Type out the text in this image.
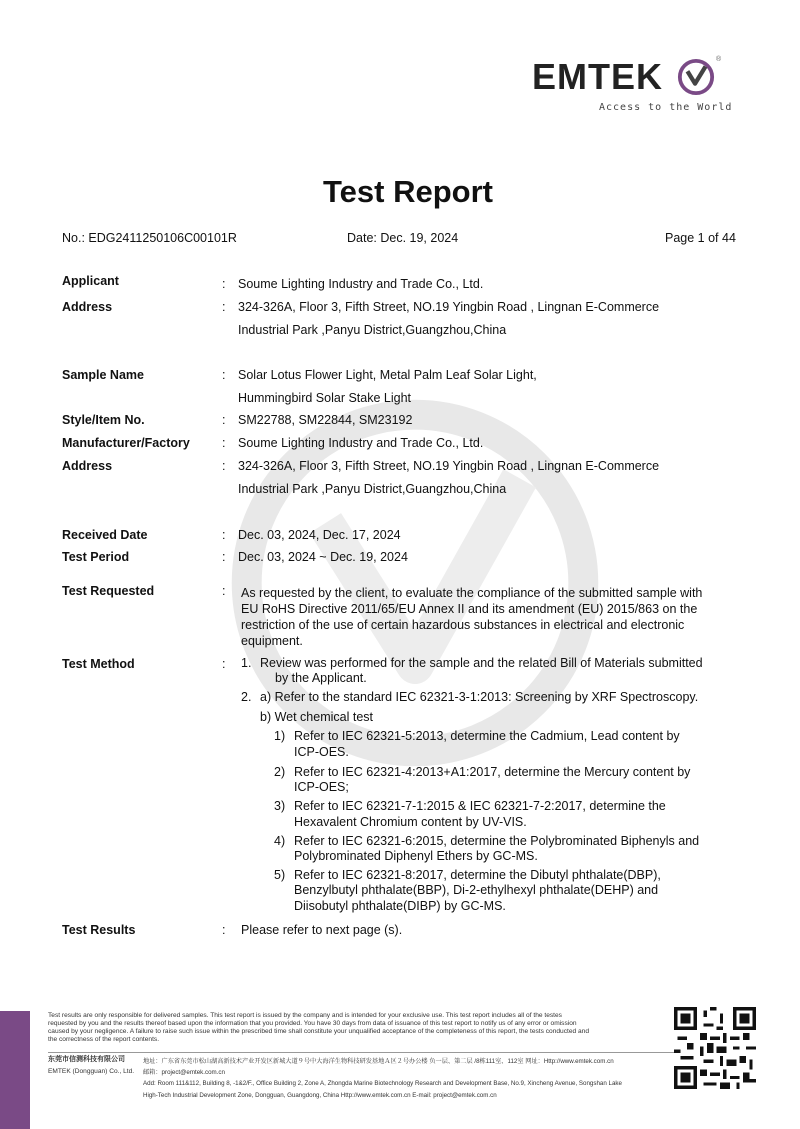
EMTEK	®
Access to the World
Test Report
No.: EDG2411250106C00101R	Date: Dec. 19, 2024	Page 1 of 44
Applicant	: Soume Lighting Industry and Trade Co., Ltd.
Address	: 324-326A, Floor 3, Fifth Street, NO.19 Yingbin Road , Lingnan E-Commerce
Industrial Park ,Panyu District,Guangzhou,China
Sample Name	: Solar Lotus Flower Light, Metal Palm Leaf Solar Light,
Hummingbird Solar Stake Light
Style/Item No.	: SM22788, SM22844, SM23192
Manufacturer/Factory	: Soume Lighting Industry and Trade Co., Ltd.
Address	: 324-326A, Floor 3, Fifth Street, NO.19 Yingbin Road , Lingnan E-Commerce
Industrial Park ,Panyu District,Guangzhou,China
Received Date	: Dec. 03, 2024, Dec. 17, 2024
Test Period	: Dec. 03, 2024 ~ Dec. 19, 2024
Test Requested	: As requested by the client, to evaluate the compliance of the submitted sample with
EU RoHS Directive 2011/65/EU Annex II and its amendment (EU) 2015/863 on the
restriction of the use of certain hazardous substances in electrical and electronic
equipment.
Test Method	: 1. Review was performed for the sample and the related Bill of Materials submitted
by the Applicant.
2. a) Refer to the standard IEC 62321-3-1:2013: Screening by XRF Spectroscopy.
b) Wet chemical test
1) Refer to IEC 62321-5:2013, determine the Cadmium, Lead content by
ICP-OES.
2) Refer to IEC 62321-4:2013+A1:2017, determine the Mercury content by
ICP-OES;
3) Refer to IEC 62321-7-1:2015 & IEC 62321-7-2:2017, determine the
Hexavalent Chromium content by UV-VIS.
4) Refer to IEC 62321-6:2015, determine the Polybrominated Biphenyls and
Polybrominated Diphenyl Ethers by GC-MS.
5) Refer to IEC 62321-8:2017, determine the Dibutyl phthalate(DBP),
Benzylbutyl phthalate(BBP), Di-2-ethylhexyl phthalate(DEHP) and
Diisobutyl phthalate(DIBP) by GC-MS.
Test Results	: Please refer to next page (s).
Test results are only responsible for delivered samples. This test report is issued by the company and is intended for your exclusive use. This test report includes all of the testes
requested by you and the results thereof based upon the information that you provided. You have 30 days from data of issuance of this test report to notify us of any error or omission
caused by your negligence. A failure to raise such issue within the prescribed time shall constitute your unqualified acceptance of the completeness of this report, the tests conducted and
the correctness of the report contents.
东莞市信测科技有限公司
EMTEK (Dongguan) Co., Ltd.
地址：广东省东莞市松山湖高新技术产业开发区新城大道９号中大海洋生物科技研发基地Ａ区２号办公楼 负一层、第二层 /8栋111室、112室 网址：Http://www.emtek.com.cn
邮箱：project@emtek.com.cn
Add: Room 111&112, Building 8, -1&2/F., Office Building 2, Zone A, Zhongda Marine Biotechnology Research and Development Base, No.9, Xincheng Avenue, Songshan Lake
High-Tech Industrial Development Zone, Dongguan, Guangdong, China Http://www.emtek.com.cn E-mail: project@emtek.com.cn
